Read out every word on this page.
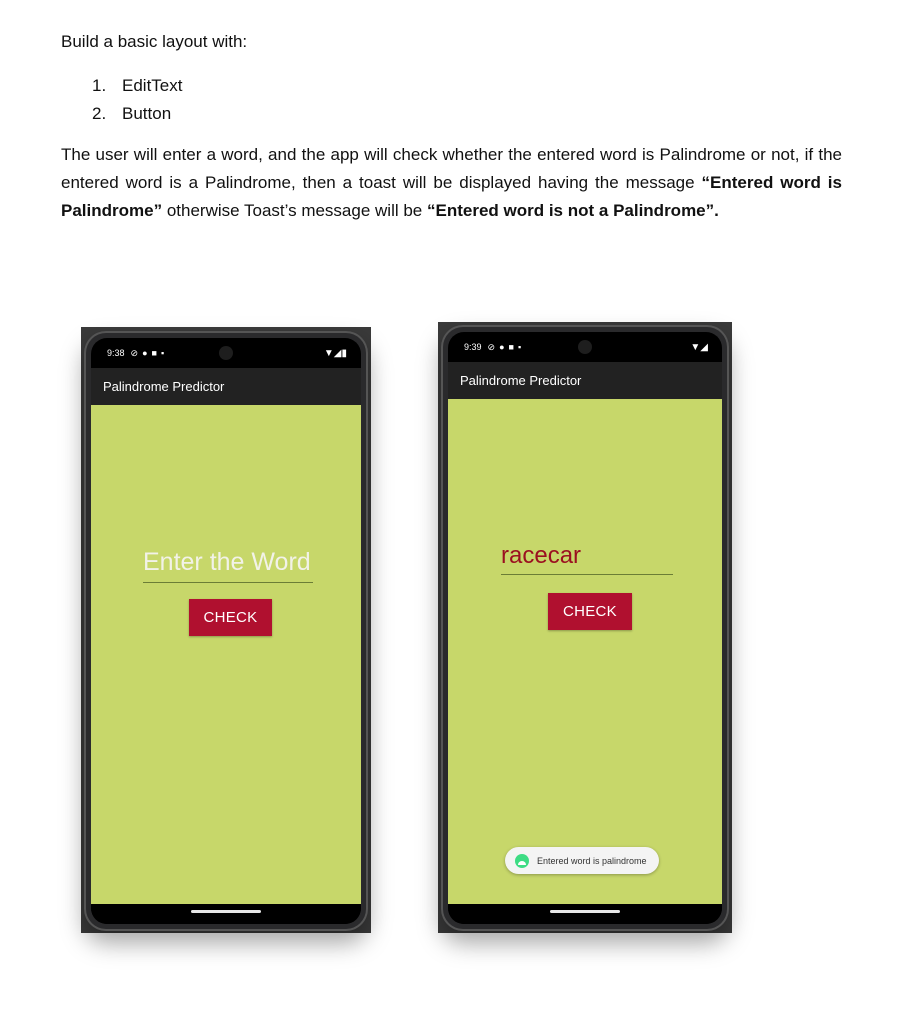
Build a basic layout with:
1. EditText
2. Button
The user will enter a word, and the app will check whether the entered word is Palindrome or not, if the entered word is a Palindrome, then a toast will be displayed having the message “Entered word is Palindrome” otherwise Toast’s message will be “Entered word is not a Palindrome”.
9:38 ⊘●■▪	▼◢▮
Palindrome Predictor
Enter the Word
CHECK
9:39 ⊘●■▪	▼◢
Palindrome Predictor
racecar
CHECK
Entered word is palindrome
